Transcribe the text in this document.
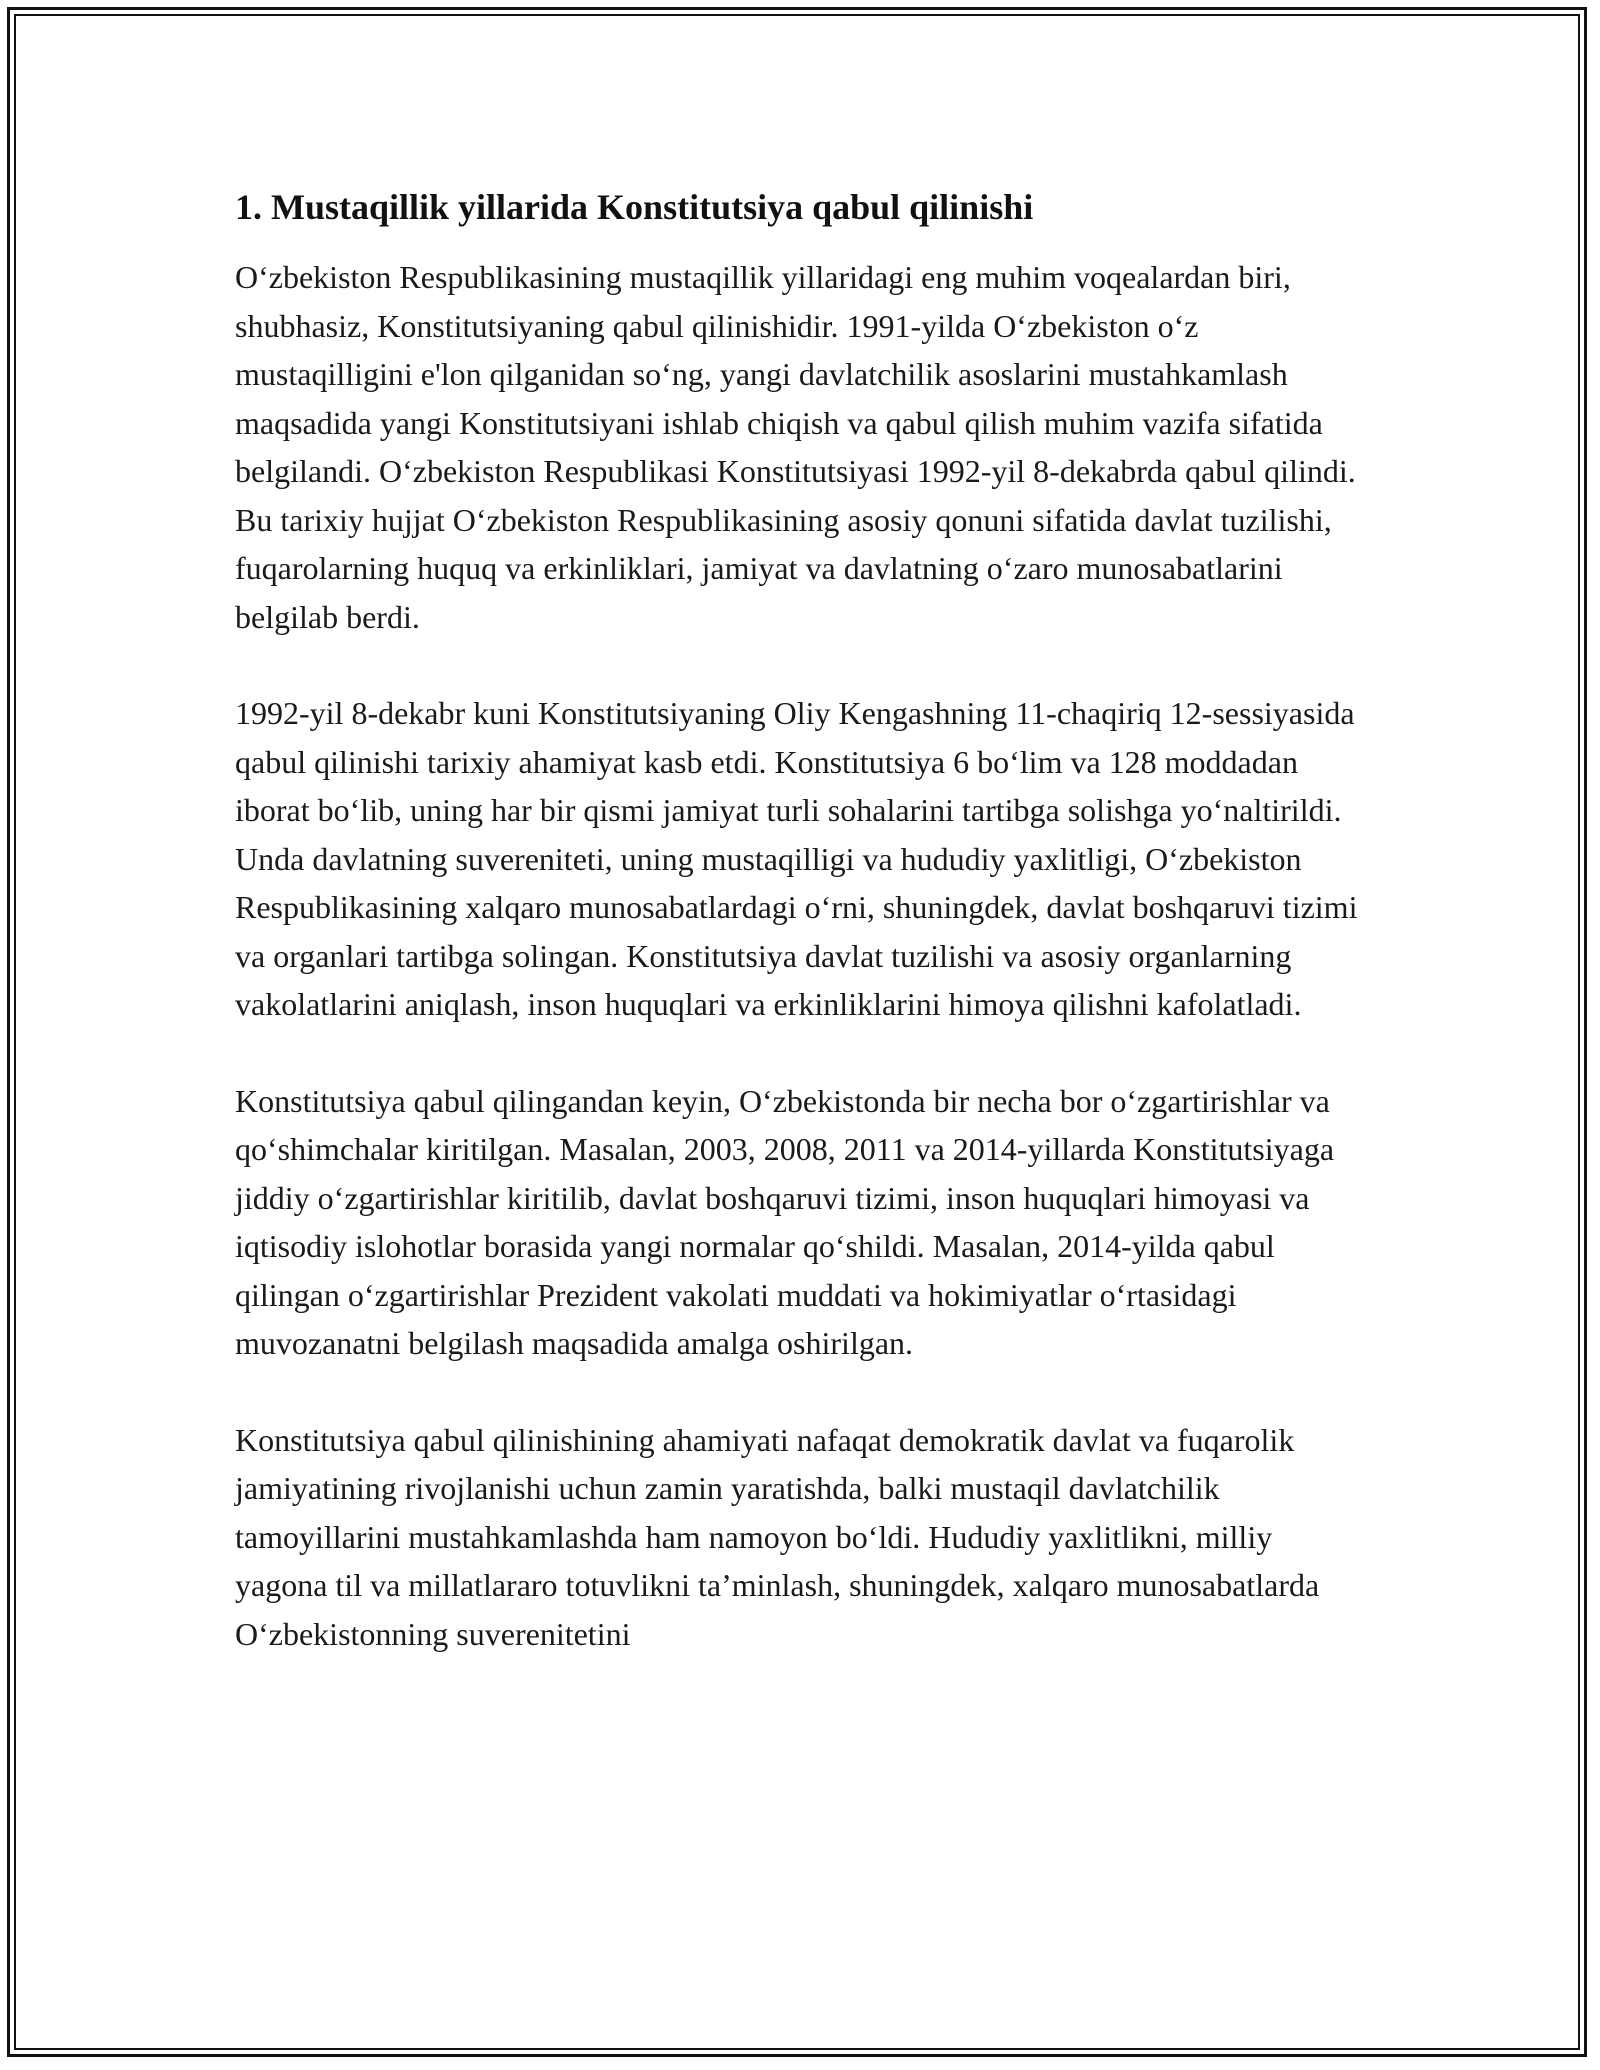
1. Mustaqillik yillarida Konstitutsiya qabul qilinishi

O‘zbekiston Respublikasining mustaqillik yillaridagi eng muhim voqealardan biri, shubhasiz, Konstitutsiyaning qabul qilinishidir. 1991-yilda O‘zbekiston o‘z mustaqilligini e'lon qilganidan so‘ng, yangi davlatchilik asoslarini mustahkamlash maqsadida yangi Konstitutsiyani ishlab chiqish va qabul qilish muhim vazifa sifatida belgilandi. O‘zbekiston Respublikasi Konstitutsiyasi 1992-yil 8-dekabrda qabul qilindi. Bu tarixiy hujjat O‘zbekiston Respublikasining asosiy qonuni sifatida davlat tuzilishi, fuqarolarning huquq va erkinliklari, jamiyat va davlatning o‘zaro munosabatlarini belgilab berdi.

1992-yil 8-dekabr kuni Konstitutsiyaning Oliy Kengashning 11-chaqiriq 12-sessiyasida qabul qilinishi tarixiy ahamiyat kasb etdi. Konstitutsiya 6 bo‘lim va 128 moddadan iborat bo‘lib, uning har bir qismi jamiyat turli sohalarini tartibga solishga yo‘naltirildi. Unda davlatning suvereniteti, uning mustaqilligi va hududiy yaxlitligi, O‘zbekiston Respublikasining xalqaro munosabatlardagi o‘rni, shuningdek, davlat boshqaruvi tizimi va organlari tartibga solingan. Konstitutsiya davlat tuzilishi va asosiy organlarning vakolatlarini aniqlash, inson huquqlari va erkinliklarini himoya qilishni kafolatladi.

Konstitutsiya qabul qilingandan keyin, O‘zbekistonda bir necha bor o‘zgartirishlar va qo‘shimchalar kiritilgan. Masalan, 2003, 2008, 2011 va 2014-yillarda Konstitutsiyaga jiddiy o‘zgartirishlar kiritilib, davlat boshqaruvi tizimi, inson huquqlari himoyasi va iqtisodiy islohotlar borasida yangi normalar qo‘shildi. Masalan, 2014-yilda qabul qilingan o‘zgartirishlar Prezident vakolati muddati va hokimiyatlar o‘rtasidagi muvozanatni belgilash maqsadida amalga oshirilgan.

Konstitutsiya qabul qilinishining ahamiyati nafaqat demokratik davlat va fuqarolik jamiyatining rivojlanishi uchun zamin yaratishda, balki mustaqil davlatchilik tamoyillarini mustahkamlashda ham namoyon bo‘ldi. Hududiy yaxlitlikni, milliy yagona til va millatlararo totuvlikni ta’minlash, shuningdek, xalqaro munosabatlarda O‘zbekistonning suverenitetini
